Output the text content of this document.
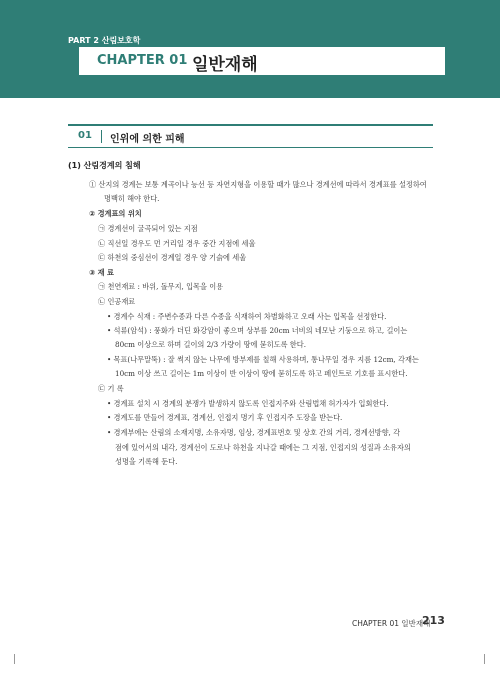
PART 2 산림보호학
CHAPTER 01 일반재해
01 인위에 의한 피해
(1) 산림경계의 침해
① 산지의 경계는 보통 계곡이나 능선 등 자연지형을 이용할 때가 많으나 경계선에 따라서 경계표를 설정하여
명백히 해야 한다.
② 경계표의 위치
㉠ 경계선이 굴곡되어 있는 지점
㉡ 직선일 경우도 먼 거리일 경우 중간 지점에 세울
㉢ 하천의 중심선이 경계일 경우 양 기슭에 세울
③ 재 료
㉠ 천연재료 : 바위, 돌무지, 입목을 이용
㉡ 인공재료
• 경계수 식재 : 주변수종과 다른 수종을 식재하여 차별화하고 오래 사는 입목을 선정한다.
• 석류(암석) : 풍화가 더딘 화강암이 좋으며 상부를 20cm 너비의 네모난 기둥으로 하고, 길이는
80cm 이상으로 하며 길이의 2/3 가량이 땅에 묻히도록 한다.
• 목표(나무말뚝) : 잘 썩지 않는 나무에 방부제를 칠해 사용하며, 통나무일 경우 지름 12cm, 각재는
10cm 이상 쓰고 길이는 1m 이상이 반 이상이 땅에 묻히도록 하고 페인트로 기호를 표시한다.
㉢ 기 록
• 경계표 설치 시 경계의 분쟁가 발생하지 않도록 인접지주와 산림법채 허가자가 입회한다.
• 경계도를 만들어 경계표, 경계선, 인접지 명기 후 인접지주 도장을 받는다.
• 경계부에는 산림의 소재지명, 소유자명, 임상, 경계표번호 및 상호 간의 거리, 경계선방향, 각
점에 있어서의 내각, 경계선이 도로나 하천을 지나갈 때에는 그 지점, 인접지의 성질과 소유자의
성명을 기록해 둔다.
CHAPTER 01 일반재해
213
